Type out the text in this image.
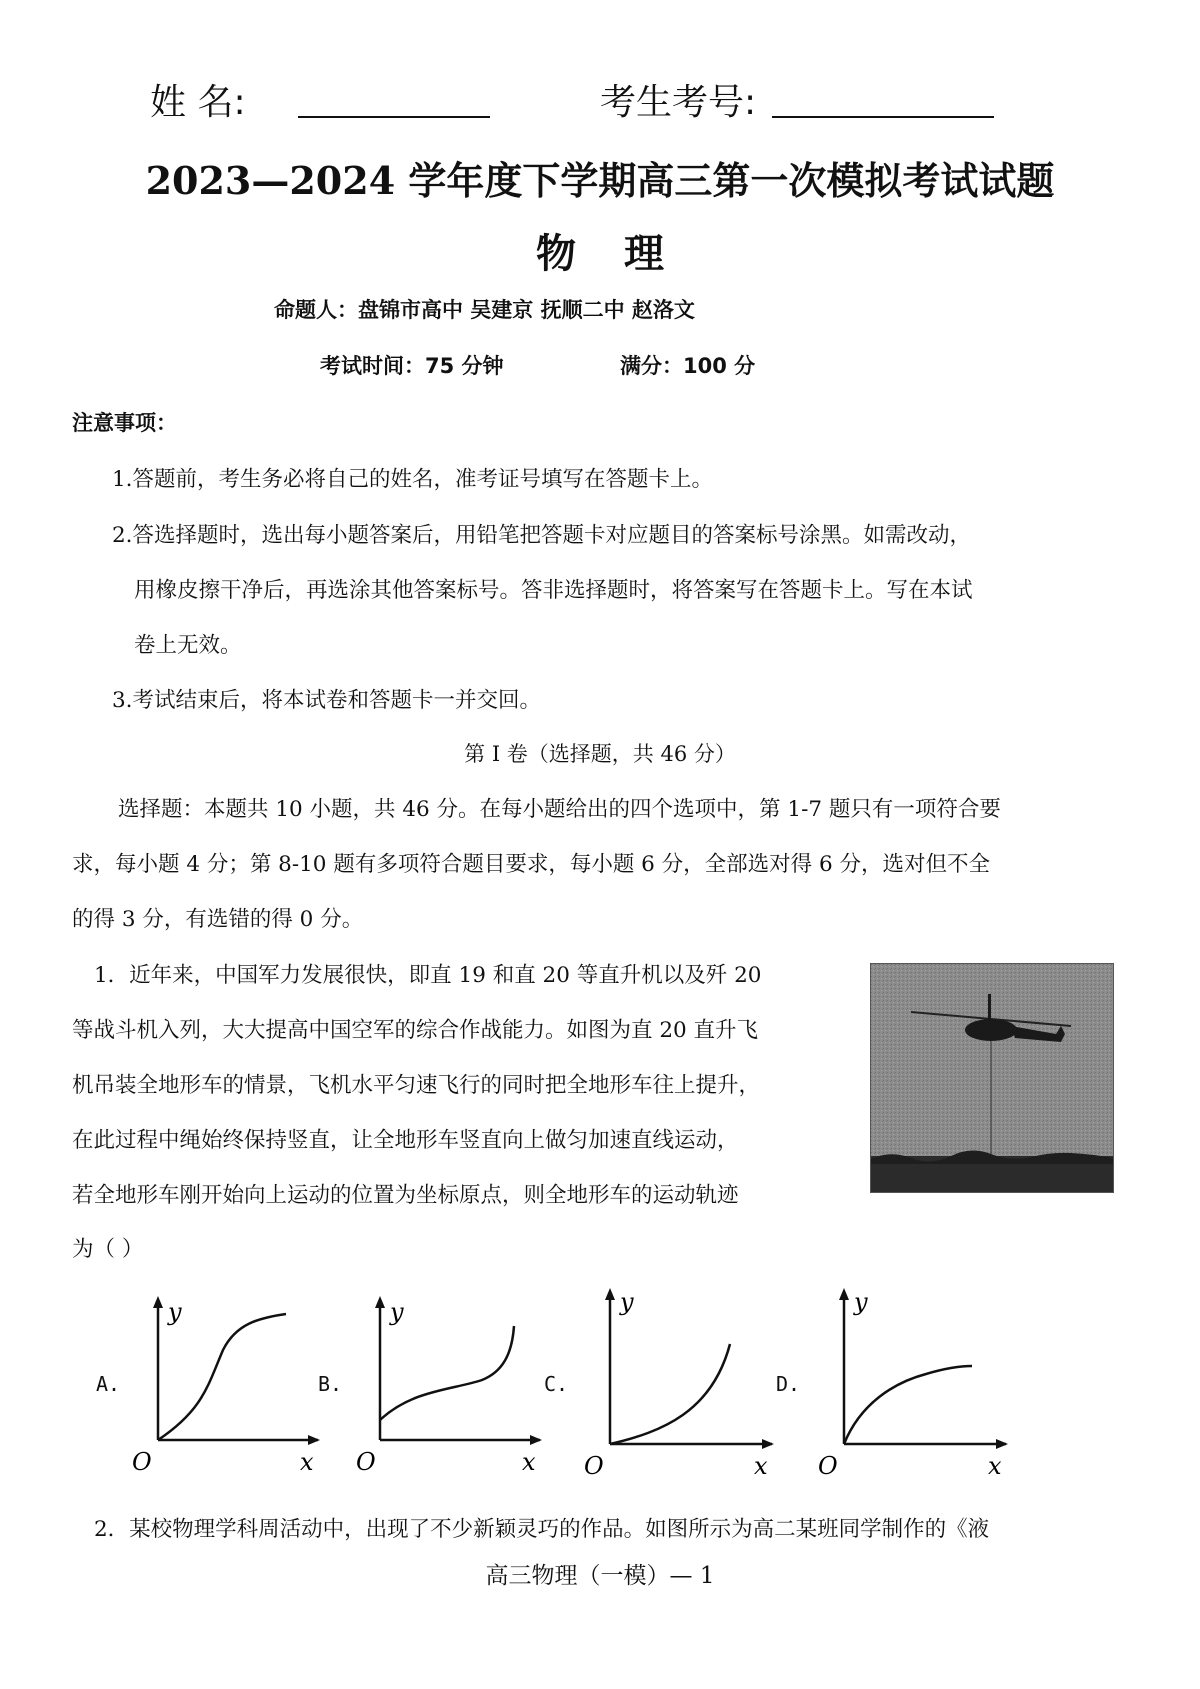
姓 名:	考生考号:
2023—2024 学年度下学期高三第一次模拟考试试题
物理
命题人：盘锦市高中 吴建京 抚顺二中 赵洛文
考试时间：75 分钟	满分：100 分
注意事项：
1.答题前，考生务必将自己的姓名，准考证号填写在答题卡上。
2.答选择题时，选出每小题答案后，用铅笔把答题卡对应题目的答案标号涂黑。如需改动，
用橡皮擦干净后，再选涂其他答案标号。答非选择题时，将答案写在答题卡上。写在本试
卷上无效。
3.考试结束后，将本试卷和答题卡一并交回。
第 I 卷（选择题，共 46 分）
选择题：本题共 10 小题，共 46 分。在每小题给出的四个选项中，第 1-7 题只有一项符合要
求，每小题 4 分；第 8-10 题有多项符合题目要求，每小题 6 分，全部选对得 6 分，选对但不全
的得 3 分，有选错的得 0 分。
1．近年来，中国军力发展很快，即直 19 和直 20 等直升机以及歼 20
等战斗机入列，大大提高中国空军的综合作战能力。如图为直 20 直升飞
机吊装全地形车的情景，飞机水平匀速飞行的同时把全地形车往上提升，
在此过程中绳始终保持竖直，让全地形车竖直向上做匀加速直线运动，
若全地形车刚开始向上运动的位置为坐标原点，则全地形车的运动轨迹
为（ ）
A.
y
O	x
B.
y
O	x
C.
y
O	x
D.
y
O	x
2．某校物理学科周活动中，出现了不少新颖灵巧的作品。如图所示为高二某班同学制作的《液
高三物理（一模）— 1
